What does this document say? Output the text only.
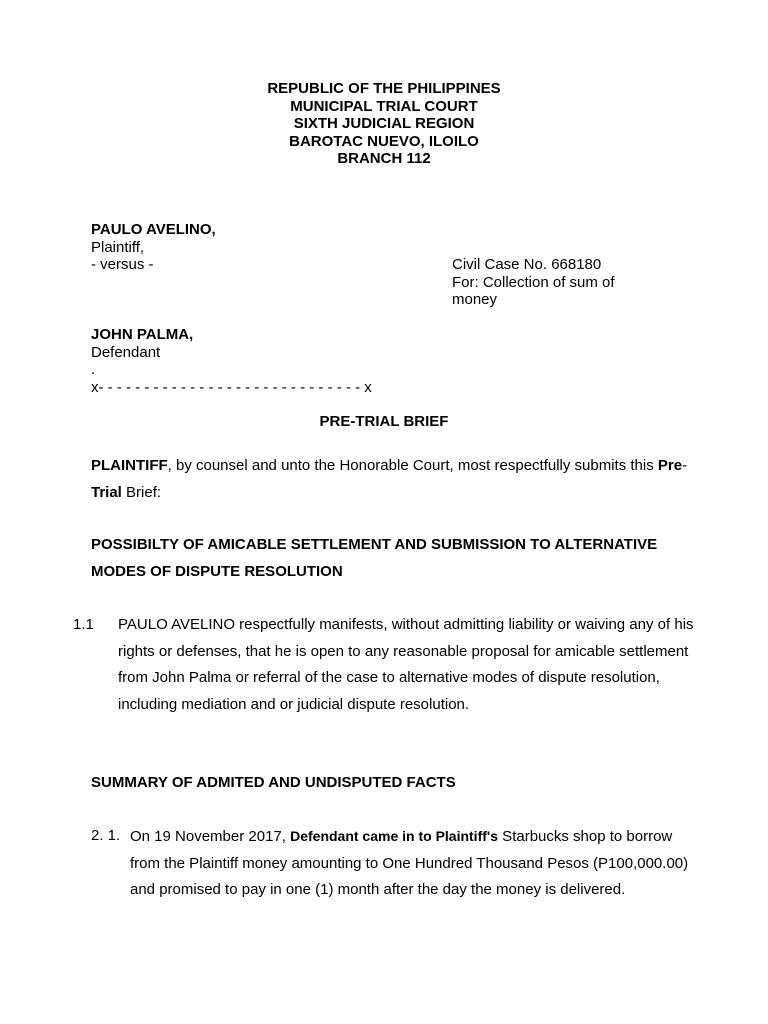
REPUBLIC OF THE PHILIPPINES
MUNICIPAL TRIAL COURT
SIXTH JUDICIAL REGION
BAROTAC NUEVO, ILOILO
BRANCH 112
PAULO AVELINO,
Plaintiff,
- versus -	Civil Case No. 668180
For: Collection of sum of
money
JOHN PALMA,
Defendant
.
x- - - - - - - - - - - - - - - - - - - - - - - - - - - - - x
PRE-TRIAL BRIEF
PLAINTIFF, by counsel and unto the Honorable Court, most respectfully submits this Pre-Trial Brief:
POSSIBILTY OF AMICABLE SETTLEMENT AND SUBMISSION TO ALTERNATIVE MODES OF DISPUTE RESOLUTION
1.1 PAULO AVELINO respectfully manifests, without admitting liability or waiving any of his rights or defenses, that he is open to any reasonable proposal for amicable settlement from John Palma or referral of the case to alternative modes of dispute resolution, including mediation and or judicial dispute resolution.
SUMMARY OF ADMITED AND UNDISPUTED FACTS
2. 1. On 19 November 2017, Defendant came in to Plaintiff's Starbucks shop to borrow from the Plaintiff money amounting to One Hundred Thousand Pesos (P100,000.00) and promised to pay in one (1) month after the day the money is delivered.
